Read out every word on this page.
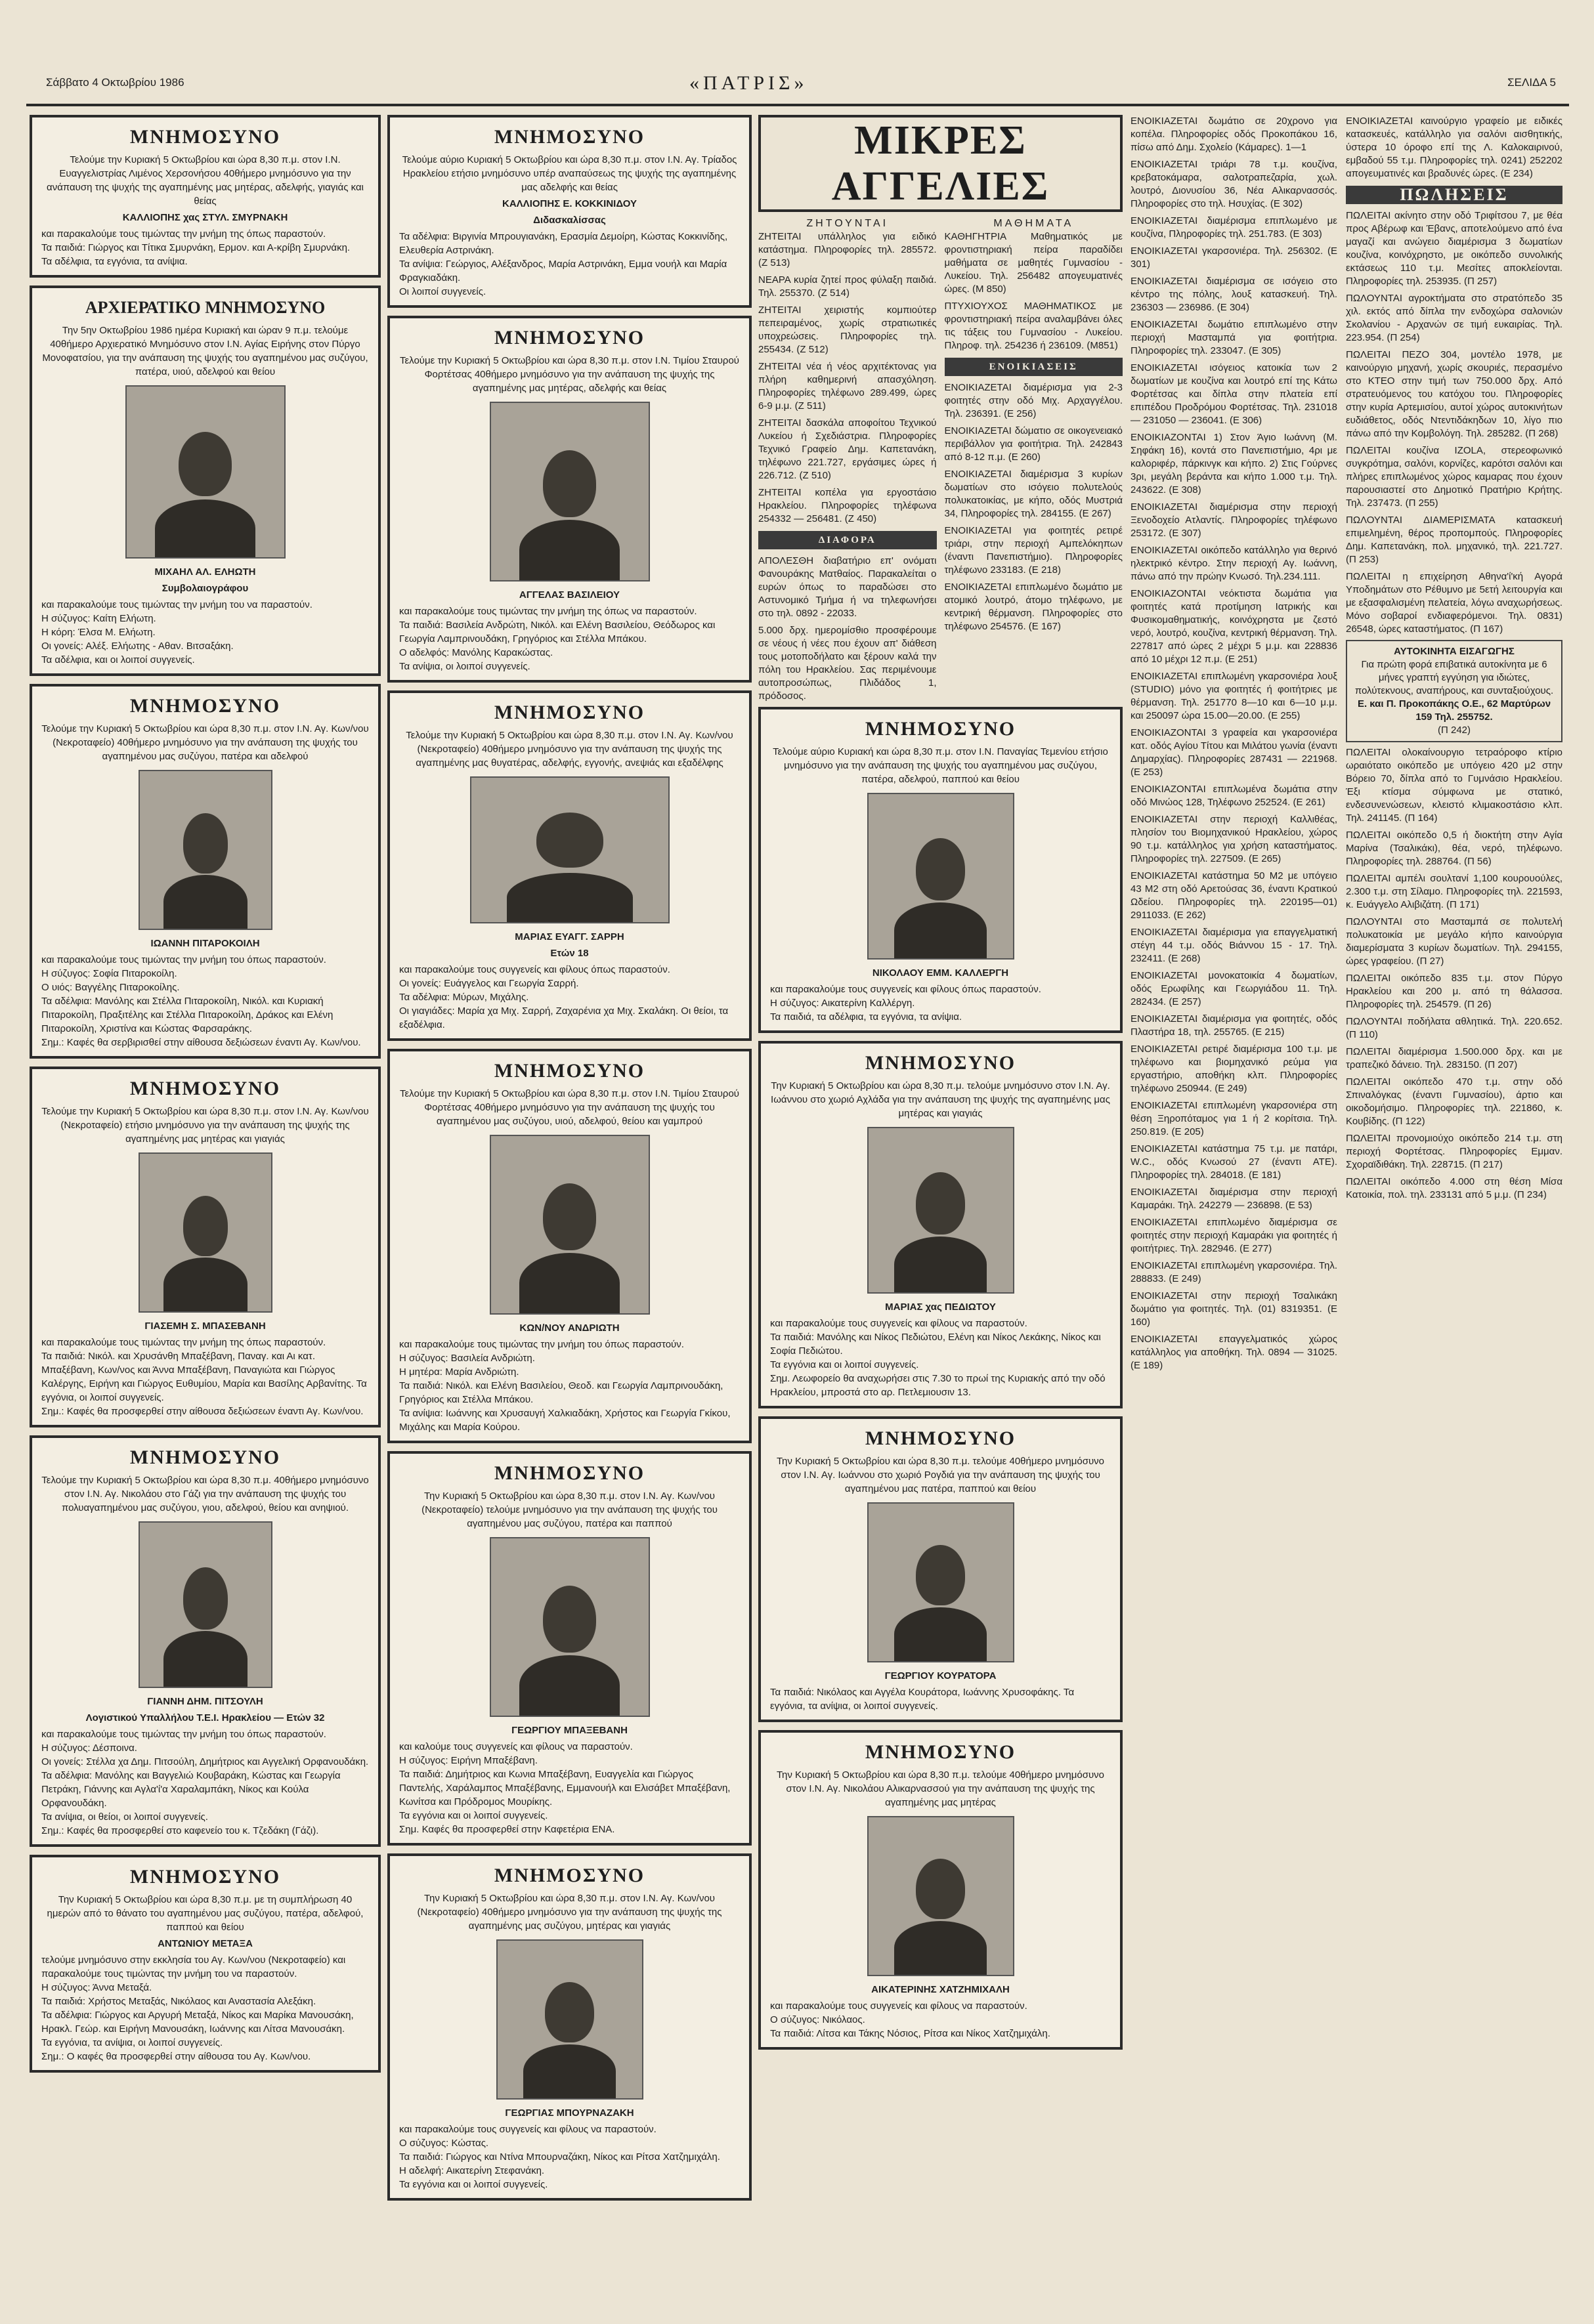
Σάββατο 4 Οκτωβρίου 1986	«ΠΑΤΡΙΣ»	ΣΕΛΙΔΑ 5
ΜΝΗΜΟΣΥΝΟ

Τελούμε την Κυριακή 5 Οκτωβρίου και ώρα 8,30 π.μ. στον Ι.Ν. Ευαγγελιστρίας Λιμένος Χερσονήσου 40θήμερο μνημόσυνο για την ανάπαυση της ψυχής της αγαπημένης μας μητέρας, αδελφής, γιαγιάς και θείας

ΚΑΛΛΙΟΠΗΣ χας ΣΤΥΛ. ΣΜΥΡΝΑΚΗ

και παρακαλούμε τους τιμώντας την μνήμη της όπως παραστούν.

Τα παιδιά: Γιώργος και Τίτικα Σμυρνάκη, Ερμον. και Α-κρίβη Σμυρνάκη.

Τα αδέλφια, τα εγγόνια, τα ανίψια.

ΑΡΧΙΕΡΑΤΙΚΟ ΜΝΗΜΟΣΥΝΟ

Την 5ην Οκτωβρίου 1986 ημέρα Κυριακή και ώραν 9 π.μ. τελούμε 40θήμερο Αρχιερατικό Μνημόσυνο στον Ι.Ν. Αγίας Ειρήνης στον Πύργο Μονοφατσίου, για την ανάπαυση της ψυχής του αγαπημένου μας συζύγου, πατέρα, υιού, αδελφού και θείου

ΜΙΧΑΗΛ ΑΛ. ΕΛΗΩΤΗ
Συμβολαιογράφου

και παρακαλούμε τους τιμώντας την μνήμη του να παραστούν.

Η σύζυγος: Καίτη Ελήωτη.

Η κόρη: Έλσα Μ. Ελήωτη.

Οι γονείς: Αλέξ. Ελήωτης - Αθαν. Βιτσαξάκη.

Τα αδέλφια, και οι λοιποί συγγενείς.

ΜΝΗΜΟΣΥΝΟ

Τελούμε την Κυριακή 5 Οκτωβρίου και ώρα 8,30 π.μ. στον Ι.Ν. Αγ. Κων/νου (Νεκροταφείο) 40θήμερο μνημόσυνο για την ανάπαυση της ψυχής του αγαπημένου μας συζύγου, πατέρα και αδελφού

ΙΩΑΝΝΗ ΠΙΤΑΡΟΚΟΙΛΗ

και παρακαλούμε τους τιμώντας την μνήμη του όπως παραστούν.

Η σύζυγος: Σοφία Πιταροκοίλη.

Ο υιός: Βαγγέλης Πιταροκοίλης.

Τα αδέλφια: Μανόλης και Στέλλα Πιταροκοίλη, Νικόλ. και Κυριακή Πιταροκοίλη, Πραξιτέλης και Στέλλα Πιταροκοίλη, Δράκος και Ελένη Πιταροκοίλη, Χριστίνα και Κώστας Φαρσαράκης.

Σημ.: Καφές θα σερβιρισθεί στην αίθουσα δεξιώσεων έναντι Αγ. Κων/νου.

ΜΝΗΜΟΣΥΝΟ

Τελούμε την Κυριακή 5 Οκτωβρίου και ώρα 8,30 π.μ. στον Ι.Ν. Αγ. Κων/νου (Νεκροταφείο) ετήσιο μνημόσυνο για την ανάπαυση της ψυχής της αγαπημένης μας μητέρας και γιαγιάς

ΓΙΑΣΕΜΗ Σ. ΜΠΑΣΕΒΑΝΗ

και παρακαλούμε τους τιμώντας την μνήμη της όπως παραστούν.

Τα παιδιά: Νικόλ. και Χρυσάνθη Μπαξέβανη, Παναγ. και Αι κατ. Μπαξέβανη, Κων/νος και Άννα Μπαξέβανη, Παναγιώτα και Γιώργος Καλέργης, Ειρήνη και Γιώργος Ευθυμίου, Μαρία και Βασίλης Αρβανίτης. Τα εγγόνια, οι λοιποί συγγενείς.

Σημ.: Καφές θα προσφερθεί στην αίθουσα δεξιώσεων έναντι Αγ. Κων/νου.

ΜΝΗΜΟΣΥΝΟ

Τελούμε την Κυριακή 5 Οκτωβρίου και ώρα 8,30 π.μ. 40θήμερο μνημόσυνο στον Ι.Ν. Αγ. Νικολάου στο Γάζι για την ανάπαυση της ψυχής του πολυαγαπημένου μας συζύγου, γιου, αδελφού, θείου και ανηψιού.

ΓΙΑΝΝΗ ΔΗΜ. ΠΙΤΣΟΥΛΗ
Λογιστικού Υπαλλήλου Τ.Ε.Ι. Ηρακλείου — Ετών 32

και παρακαλούμε τους τιμώντας την μνήμη του όπως παραστούν.

Η σύζυγος: Δέσποινα.

Οι γονείς: Στέλλα χα Δημ. Πιτσούλη, Δημήτριος και Αγγελική Ορφανουδάκη.

Τα αδέλφια: Μανόλης και Βαγγελιώ Κουβαράκη, Κώστας και Γεωργία Πετράκη, Γιάννης και Αγλα'ί'α Χαραλαμπάκη, Νίκος και Κούλα Ορφανουδάκη.

Τα ανίψια, οι θείοι, οι λοιποί συγγενείς.

Σημ.: Καφές θα προσφερθεί στο καφενείο του κ. Τζεδάκη (Γάζι).

ΜΝΗΜΟΣΥΝΟ

Την Κυριακή 5 Οκτωβρίου και ώρα 8,30 π.μ. με τη συμπλήρωση 40 ημερών από το θάνατο του αγαπημένου μας συζύγου, πατέρα, αδελφού, παππού και θείου

ΑΝΤΩΝΙΟΥ ΜΕΤΑΞΑ

τελούμε μνημόσυνο στην εκκλησία του Αγ. Κων/νου (Νεκροταφείο) και παρακαλούμε τους τιμώντας την μνήμη του να παραστούν.

Η σύζυγος: Άννα Μεταξά.

Τα παιδιά: Χρήστος Μεταξάς, Νικόλαος και Αναστασία Αλεξάκη.

Τα αδέλφια: Γιώργος και Αργυρή Μεταξά, Νίκος και Μαρίκα Μανουσάκη, Ηρακλ. Γεώρ. και Ειρήνη Μανουσάκη, Ιωάννης και Λίτσα Μανουσάκη.

Τα εγγόνια, τα ανίψια, οι λοιποί συγγενείς.

Σημ.: Ο καφές θα προσφερθεί στην αίθουσα του Αγ. Κων/νου.

ΜΝΗΜΟΣΥΝΟ

Τελούμε αύριο Κυριακή 5 Οκτωβρίου και ώρα 8,30 π.μ. στον Ι.Ν. Αγ. Τρίαδος Ηρακλείου ετήσιο μνημόσυνο υπέρ αναπαύσεως της ψυχής της αγαπημένης μας αδελφής και θείας

ΚΑΛΛΙΟΠΗΣ Ε. ΚΟΚΚΙΝΙΔΟΥ
Διδασκαλίσσας

Τα αδέλφια: Βιργινία Μπρουγιανάκη, Ερασμία Δεμοίρη, Κώστας Κοκκινίδης, Ελευθερία Αστρινάκη.

Τα ανίψια: Γεώργιος, Αλέξανδρος, Μαρία Αστρινάκη, Εμμα νουήλ και Μαρία Φραγκιαδάκη.

Οι λοιποί συγγενείς.

ΜΝΗΜΟΣΥΝΟ

Τελούμε την Κυριακή 5 Οκτωβρίου και ώρα 8,30 π.μ. στον Ι.Ν. Τιμίου Σταυρού Φορτέτσας 40θήμερο μνημόσυνο για την ανάπαυση της ψυχής της αγαπημένης μας μητέρας, αδελφής και θείας

ΑΓΓΕΛΑΣ ΒΑΣΙΛΕΙΟΥ

και παρακαλούμε τους τιμώντας την μνήμη της όπως να παραστούν.

Τα παιδιά: Βασιλεία Ανδρώτη, Νικόλ. και Ελένη Βασιλείου, Θεόδωρος και Γεωργία Λαμπρινουδάκη, Γρηγόριος και Στέλλα Μπάκου.

Ο αδελφός: Μανόλης Καρακώστας.

Τα ανίψια, οι λοιποί συγγενείς.

ΜΝΗΜΟΣΥΝΟ

Τελούμε την Κυριακή 5 Οκτωβρίου και ώρα 8,30 π.μ. στον Ι.Ν. Αγ. Κων/νου (Νεκροταφείο) 40θήμερο μνημόσυνο για την ανάπαυση της ψυχής της αγαπημένης μας θυγατέρας, αδελφής, εγγονής, ανεψιάς και εξαδέλφης

ΜΑΡΙΑΣ ΕΥΑΓΓ. ΣΑΡΡΗ
Ετών 18

και παρακαλούμε τους συγγενείς και φίλους όπως παραστούν.

Οι γονείς: Ευάγγελος και Γεωργία Σαρρή.

Τα αδέλφια: Μύρων, Μιχάλης.

Οι γιαγιάδες: Μαρία χα Μιχ. Σαρρή, Ζαχαρένια χα Μιχ. Σκαλάκη. Οι θείοι, τα εξαδέλφια.

ΜΝΗΜΟΣΥΝΟ

Τελούμε την Κυριακή 5 Οκτωβρίου και ώρα 8,30 π.μ. στον Ι.Ν. Τιμίου Σταυρού Φορτέτσας 40θήμερο μνημόσυνο για την ανάπαυση της ψυχής του αγαπημένου μας συζύγου, υιού, αδελφού, θείου και γαμπρού

ΚΩΝ/ΝΟΥ ΑΝΔΡΙΩΤΗ

και παρακαλούμε τους τιμώντας την μνήμη του όπως παραστούν.

Η σύζυγος: Βασιλεία Ανδριώτη.

Η μητέρα: Μαρία Ανδριώτη.

Τα παιδιά: Νικόλ. και Ελένη Βασιλείου, Θεοδ. και Γεωργία Λαμπρινουδάκη, Γρηγόριος και Στέλλα Μπάκου.

Τα ανίψια: Ιωάννης και Χρυσαυγή Χαλκιαδάκη, Χρήστος και Γεωργία Γκίκου, Μιχάλης και Μαρία Κούρου.

ΜΝΗΜΟΣΥΝΟ

Την Κυριακή 5 Οκτωβρίου και ώρα 8,30 π.μ. στον Ι.Ν. Αγ. Κων/νου (Νεκροταφείο) τελούμε μνημόσυνο για την ανάπαυση της ψυχής του αγαπημένου μας συζύγου, πατέρα και παππού

ΓΕΩΡΓΙΟΥ ΜΠΑΞΕΒΑΝΗ

και καλούμε τους συγγενείς και φίλους να παραστούν.

Η σύζυγος: Ειρήνη Μπαξέβανη.

Τα παιδιά: Δημήτριος και Κωνια Μπαξέβανη, Ευαγγελία και Γιώργος Παντελής, Χαράλαμπος Μπαξέβανης, Εμμανουήλ και Ελισάβετ Μπαξέβανη, Κωνίτσα και Πρόδρομος Μουρίκης.

Τα εγγόνια και οι λοιποί συγγενείς.

Σημ. Καφές θα προσφερθεί στην Καφετέρια ΕΝΑ.

ΜΝΗΜΟΣΥΝΟ

Την Κυριακή 5 Οκτωβρίου και ώρα 8,30 π.μ. στον Ι.Ν. Αγ. Κων/νου (Νεκροταφείο) 40θήμερο μνημόσυνο για την ανάπαυση της ψυχής της αγαπημένης μας συζύγου, μητέρας και γιαγιάς

ΓΕΩΡΓΙΑΣ ΜΠΟΥΡΝΑΖΑΚΗ

και παρακαλούμε τους συγγενείς και φίλους να παραστούν.

Ο σύζυγος: Κώστας.

Τα παιδιά: Γιώργος και Ντίνα Μπουρναζάκη, Νίκος και Ρίτσα Χατζημιχάλη.

Η αδελφή: Αικατερίνη Στεφανάκη.

Τα εγγόνια και οι λοιποί συγγενείς.

ΜΙΚΡΕΣ ΑΓΓΕΛΙΕΣ
ΖΗΤΟΥΝΤΑΙ

ΖΗΤΕΙΤΑΙ υπάλληλος για ειδικό κατάστημα. Πληροφορίες τηλ. 285572. (Ζ 513)

ΝΕΑΡΑ κυρία ζητεί προς φύλαξη παιδιά. Τηλ. 255370. (Ζ 514)

ΖΗΤΕΙΤΑΙ χειριστής κομπιούτερ πεπειραμένος, χωρίς στρατιωτικές υποχρεώσεις. Πληροφορίες τηλ. 255434. (Ζ 512)

ΖΗΤΕΙΤΑΙ νέα ή νέος αρχιτέκτονας για πλήρη καθημερινή απασχόληση. Πληροφορίες τηλέφωνο 289.499, ώρες 6-9 μ.μ. (Ζ 511)

ΖΗΤΕΙΤΑΙ δασκάλα αποφοίτου Τεχνικού Λυκείου ή Σχεδιάστρια. Πληροφορίες Τεχνικό Γραφείο Δημ. Καπετανάκη, τηλέφωνο 221.727, εργάσιμες ώρες ή 226.712. (Ζ 510)

ΖΗΤΕΙΤΑΙ κοπέλα για εργοστάσιο Ηρακλείου. Πληροφορίες τηλέφωνα 254332 — 256481. (Ζ 450)

ΔΙΑΦΟΡΑ

ΑΠΟΛΕΣΘΗ διαβατήριο επ' ονόματι Φανουράκης Ματθαίος. Παρακαλείται ο ευρών όπως το παραδώσει στο Αστυνομικό Τμήμα ή να τηλεφωνήσει στο τηλ. 0892 - 22033.

5.000 δρχ. ημερομίσθιο προσφέρουμε σε νέους ή νέες που έχουν απ' διάθεση τους μοτοποδήλατο και ξέρουν καλά την πόλη του Ηρακλείου. Σας περιμένουμε αυτοπροσώπως, Πλιδάδος 1, πρόδοσος.

ΜΑΘΗΜΑΤΑ

ΚΑΘΗΓΗΤΡΙΑ Μαθηματικός με φροντιστηριακή πείρα παραδίδει μαθήματα σε μαθητές Γυμνασίου - Λυκείου. Τηλ. 256482 απογευματινές ώρες. (Μ 850)

ΠΤΥΧΙΟΥΧΟΣ ΜΑΘΗΜΑΤΙΚΟΣ με φροντιστηριακή πείρα αναλαμβάνει όλες τις τάξεις του Γυμνασίου - Λυκείου. Πληροφ. τηλ. 254236 ή 236109. (Μ851)

ΕΝΟΙΚΙΑΣΕΙΣ

ΕΝΟΙΚΙΑΖΕΤΑΙ διαμέρισμα για 2-3 φοιτητές στην οδό Μιχ. Αρχαγγέλου. Τηλ. 236391. (Ε 256)

ΕΝΟΙΚΙΑΖΕΤΑΙ δώματιο σε οικογενειακό περιβάλλον για φοιτήτρια. Τηλ. 242843 από 8-12 π.μ. (Ε 260)

ΕΝΟΙΚΙΑΖΕΤΑΙ διαμέρισμα 3 κυρίων δωματίων στο ισόγειο πολυτελούς πολυκατοικίας, με κήπο, οδός Μυστριά 34, Πληροφορίες τηλ. 284155. (Ε 267)

ΕΝΟΙΚΙΑΖΕΤΑΙ για φοιτητές ρετιρέ τριάρι, στην περιοχή Αμπελόκηπων (έναντι Πανεπιστήμιο). Πληροφορίες τηλέφωνο 233183. (Ε 218)

ΕΝΟΙΚΙΑΖΕΤΑΙ επιπλωμένο δωμάτιο με ατομικό λουτρό, άτομο τηλέφωνο, με κεντρική θέρμανση. Πληροφορίες στο τηλέφωνο 254576. (Ε 167)

ΜΝΗΜΟΣΥΝΟ

Τελούμε αύριο Κυριακή και ώρα 8,30 π.μ. στον Ι.Ν. Παναγίας Τεμενίου ετήσιο μνημόσυνο για την ανάπαυση της ψυχής του αγαπημένου μας συζύγου, πατέρα, αδελφού, παππού και θείου

ΝΙΚΟΛΑΟΥ ΕΜΜ. ΚΑΛΛΕΡΓΗ

και παρακαλούμε τους συγγενείς και φίλους όπως παραστούν.

Η σύζυγος: Αικατερίνη Καλλέργη.

Τα παιδιά, τα αδέλφια, τα εγγόνια, τα ανίψια.

ΜΝΗΜΟΣΥΝΟ

Την Κυριακή 5 Οκτωβρίου και ώρα 8,30 π.μ. τελούμε μνημόσυνο στον Ι.Ν. Αγ. Ιωάννου στο χωριό Αχλάδα για την ανάπαυση της ψυχής της αγαπημένης μας μητέρας και γιαγιάς

ΜΑΡΙΑΣ χας ΠΕΔΙΩΤΟΥ

και παρακαλούμε τους συγγενείς και φίλους να παραστούν.

Τα παιδιά: Μανόλης και Νίκος Πεδιώτου, Ελένη και Νίκος Λεκάκης, Νίκος και Σοφία Πεδιώτου.

Τα εγγόνια και οι λοιποί συγγενείς.

Σημ. Λεωφορείο θα αναχωρήσει στις 7.30 το πρωί της Κυριακής από την οδό Ηρακλείου, μπροστά στο αρ. Πετλεμιουσιν 13.

ΜΝΗΜΟΣΥΝΟ

Την Κυριακή 5 Οκτωβρίου και ώρα 8,30 π.μ. τελούμε 40θήμερο μνημόσυνο στον Ι.Ν. Αγ. Ιωάννου στο χωριό Ρογδιά για την ανάπαυση της ψυχής του αγαπημένου μας πατέρα, παππού και θείου

ΓΕΩΡΓΙΟΥ ΚΟΥΡΑΤΟΡΑ

Τα παιδιά: Νικόλαος και Αγγέλα Κουράτορα, Ιωάννης Χρυσοφάκης. Τα εγγόνια, τα ανίψια, οι λοιποί συγγενείς.

ΜΝΗΜΟΣΥΝΟ

Την Κυριακή 5 Οκτωβρίου και ώρα 8,30 π.μ. τελούμε 40θήμερο μνημόσυνο στον Ι.Ν. Αγ. Νικολάου Αλικαρνασσού για την ανάπαυση της ψυχής της αγαπημένης μας μητέρας

ΑΙΚΑΤΕΡΙΝΗΣ ΧΑΤΖΗΜΙΧΑΛΗ

και παρακαλούμε τους συγγενείς και φίλους να παραστούν.

Ο σύζυγος: Νικόλαος.

Τα παιδιά: Λίτσα και Τάκης Νόσιος, Ρίτσα και Νίκος Χατζημιχάλη.

ΕΝΟΙΚΙΑΖΕΤΑΙ δωμάτιο σε 20χρονο για κοπέλα. Πληροφορίες οδός Προκοπάκου 16, πίσω από Δημ. Σχολείο (Κάμαρες). 1—1

ΕΝΟΙΚΙΑΖΕΤΑΙ τριάρι 78 τ.μ. κουζίνα, κρεβατοκάμαρα, σαλοτραπεζαρία, χωλ. λουτρό, Διονυσίου 36, Νέα Αλικαρνασσός. Πληροφορίες στο τηλ. Ησυχίας. (Ε 302)

ΕΝΟΙΚΙΑΖΕΤΑΙ διαμέρισμα επιπλωμένο με κουζίνα, Πληροφορίες τηλ. 251.783. (Ε 303)

ΕΝΟΙΚΙΑΖΕΤΑΙ γκαρσονιέρα. Τηλ. 256302. (Ε 301)

ΕΝΟΙΚΙΑΖΕΤΑΙ διαμέρισμα σε ισόγειο στο κέντρο της πόλης, λουξ κατασκευή. Τηλ. 236303 — 236986. (Ε 304)

ΕΝΟΙΚΙΑΖΕΤΑΙ δωμάτιο επιπλωμένο στην περιοχή Μασταμπά για φοιτήτρια. Πληροφορίες τηλ. 233047. (Ε 305)

ΕΝΟΙΚΙΑΖΕΤΑΙ ισόγειος κατοικία των 2 δωματίων με κουζίνα και λουτρό επί της Κάτω Φορτέτσας και δίπλα στην πλατεία επί επιπέδου Προδρόμου Φορτέτσας. Τηλ. 231018 — 231050 — 236041. (Ε 306)

ΕΝΟΙΚΙΑΖΟΝΤΑΙ 1) Στον Άγιο Ιωάννη (Μ. Σηφάκη 16), κοντά στο Πανεπιστήμιο, 4ρι με καλοριφέρ, πάρκινγκ και κήπο. 2) Στις Γούρνες 3ρι, μεγάλη βεράντα και κήπο 1.000 τ.μ. Τηλ. 243622. (Ε 308)

ΕΝΟΙΚΙΑΖΕΤΑΙ διαμέρισμα στην περιοχή Ξενοδοχείο Ατλαντίς. Πληροφορίες τηλέφωνο 253172. (Ε 307)

ΕΝΟΙΚΙΑΖΕΤΑΙ οικόπεδο κατάλληλο για θερινό ηλεκτρικό κέντρο. Στην περιοχή Αγ. Ιωάννη, πάνω από την πρώην Κνωσό. Τηλ.234.111.

ΕΝΟΙΚΙΑΖΟΝΤΑΙ νεόκτιστα δωμάτια για φοιτητές κατά προτίμηση Ιατρικής και Φυσικομαθηματικής, κοινόχρηστα με ζεστό νερό, λουτρό, κουζίνα, κεντρική θέρμανση. Τηλ. 227817 από ώρες 2 μέχρι 5 μ.μ. και 228836 από 10 μέχρι 12 π.μ. (Ε 251)

ΕΝΟΙΚΙΑΖΕΤΑΙ επιπλωμένη γκαρσονιέρα λουξ (STUDIO) μόνο για φοιτητές ή φοιτήτριες με θέρμανση. Τηλ. 251770 8—10 και 6—10 μ.μ. και 250097 ώρα 15.00—20.00. (Ε 255)

ΕΝΟΙΚΙΑΖΟΝΤΑΙ 3 γραφεία και γκαρσονιέρα κατ. οδός Αγίου Τίτου και Μιλάτου γωνία (έναντι Δημαρχίας). Πληροφορίες 287431 — 221968. (Ε 253)

ΕΝΟΙΚΙΑΖΟΝΤΑΙ επιπλωμένα δωμάτια στην οδό Μινώος 128, Τηλέφωνο 252524. (Ε 261)

ΕΝΟΙΚΙΑΖΕΤΑΙ στην περιοχή Καλλιθέας, πλησίον του Βιομηχανικού Ηρακλείου, χώρος 90 τ.μ. κατάλληλος για χρήση καταστήματος. Πληροφορίες τηλ. 227509. (Ε 265)

ΕΝΟΙΚΙΑΖΕΤΑΙ κατάστημα 50 Μ2 με υπόγειο 43 Μ2 στη οδό Αρετούσας 36, έναντι Κρατικού Ωδείου. Πληροφορίες τηλ. 220195—01) 2911033. (Ε 262)

ΕΝΟΙΚΙΑΖΕΤΑΙ διαμέρισμα για επαγγελματική στέγη 44 τ.μ. οδός Βιάννου 15 - 17. Τηλ. 232411. (Ε 268)

ΕΝΟΙΚΙΑΖΕΤΑΙ μονοκατοικία 4 δωματίων, οδός Ερωφίλης και Γεωργιάδου 11. Τηλ. 282434. (Ε 257)

ΕΝΟΙΚΙΑΖΕΤΑΙ διαμέρισμα για φοιτητές, οδός Πλαστήρα 18, τηλ. 255765. (Ε 215)

ΕΝΟΙΚΙΑΖΕΤΑΙ ρετιρέ διαμέρισμα 100 τ.μ. με τηλέφωνο και βιομηχανικό ρεύμα για εργαστήριο, αποθήκη κλπ. Πληροφορίες τηλέφωνο 250944. (Ε 249)

ΕΝΟΙΚΙΑΖΕΤΑΙ επιπλωμένη γκαρσονιέρα στη θέση Ξηροπόταμος για 1 ή 2 κορίτσια. Τηλ. 250.819. (Ε 205)

ΕΝΟΙΚΙΑΖΕΤΑΙ κατάστημα 75 τ.μ. με πατάρι, W.C., οδός Κνωσού 27 (έναντι ΑΤΕ). Πληροφορίες τηλ. 284018. (Ε 181)

ΕΝΟΙΚΙΑΖΕΤΑΙ διαμέρισμα στην περιοχή Καμαράκι. Τηλ. 242279 — 236898. (Ε 53)

ΕΝΟΙΚΙΑΖΕΤΑΙ επιπλωμένο διαμέρισμα σε φοιτητές στην περιοχή Καμαράκι για φοιτητές ή φοιτήτριες. Τηλ. 282946. (Ε 277)

ΕΝΟΙΚΙΑΖΕΤΑΙ επιπλωμένη γκαρσονιέρα. Τηλ. 288833. (Ε 249)

ΕΝΟΙΚΙΑΖΕΤΑΙ στην περιοχή Τσαλικάκη δωμάτιο για φοιτητές. Τηλ. (01) 8319351. (Ε 160)

ΕΝΟΙΚΙΑΖΕΤΑΙ επαγγελματικός χώρος κατάλληλος για αποθήκη. Τηλ. 0894 — 31025. (Ε 189)

ΕΝΟΙΚΙΑΖΕΤΑΙ καινούργιο γραφείο με ειδικές κατασκευές, κατάλληλο για σαλόνι αισθητικής, ύστερα 10 όροφο επί της Λ. Καλοκαιρινού, εμβαδού 55 τ.μ. Πληροφορίες τηλ. 0241) 252202 απογευματινές και βραδυνές ώρες. (Ε 234)

ΠΩΛΗΣΕΙΣ

ΠΩΛΕΙΤΑΙ ακίνητο στην οδό Τριφίτσου 7, με θέα προς Αβέρωφ και Έβανς, αποτελούμενο από ένα μαγαζί και ανώγειο διαμέρισμα 3 δωματίων κουζίνα, κοινόχρηστο, με οικόπεδο συνολικής εκτάσεως 110 τ.μ. Μεσίτες αποκλείονται. Πληροφορίες τηλ. 253935. (Π 257)

ΠΩΛΟΥΝΤΑΙ αγροκτήματα στο στρατόπεδο 35 χιλ. εκτός από δίπλα την ενδοχώρα σαλονιών Σκολανίου - Αρχανών σε τιμή ευκαιρίας. Τηλ. 223.954. (Π 254)

ΠΩΛΕΙΤΑΙ ΠΕΖΟ 304, μοντέλο 1978, με καινούργιο μηχανή, χωρίς σκουριές, περασμένο στο ΚΤΕΟ στην τιμή των 750.000 δρχ. Από στρατευόμενος του κατόχου του. Πληροφορίες στην κυρία Αρτεμισίου, αυτοί χώρος αυτοκινήτων ευδιάθετος, οδός Ντεντιδάκηδων 10, λίγο πιο πάνω από την Κομβολόγη. Τηλ. 285282. (Π 268)

ΠΩΛΕΙΤΑΙ κουζίνα IZOLA, στερεοφωνικό συγκρότημα, σαλόνι, κορνίζες, καρότσι σαλόνι και πλήρες επιπλωμένος χώρος καμαρας που έχουν παρουσιαστεί στο Δημοτικό Πρατήριο Κρήτης. Τηλ. 237473. (Π 255)

ΠΩΛΟΥΝΤΑΙ ΔΙΑΜΕΡΙΣΜΑΤΑ κατασκευή επιμελημένη, θέρος προπομπούς. Πληροφορίες Δημ. Καπετανάκη, πολ. μηχανικό, τηλ. 221.727. (Π 253)

ΠΩΛΕΙΤΑΙ η επιχείρηση Αθηνα'ί'κή Αγορά Υποδημάτων στο Ρέθυμνο με 5ετή λειτουργία και με εξασφαλισμένη πελατεία, λόγω αναχωρήσεως. Μόνο σοβαροί ενδιαφερόμενοι. Τηλ. 0831) 26548, ώρες καταστήματος. (Π 167)

ΑΥΤΟΚΙΝΗΤΑ ΕΙΣΑΓΩΓΗΣ
Για πρώτη φορά επιβατικά αυτοκίνητα με 6 μήνες γραπτή εγγύηση για ιδιώτες, πολύτεκνους, αναπήρους, και συνταξιούχους.
Ε. και Π. Προκοπάκης Ο.Ε., 62 Μαρτύρων 159 Τηλ. 255752.
(Π 242)

ΠΩΛΕΙΤΑΙ ολοκαίνουργιο τετραόροφο κτίριο ωραιότατο οικόπεδο με υπόγειο 420 μ2 στην Βόρειο 70, δίπλα από το Γυμνάσιο Ηρακλείου. Έξι κτίσμα σύμφωνα με στατικό, ενδεσυνενώσεων, κλειστό κλιμακοστάσιο κλπ. Τηλ. 241145. (Π 164)

ΠΩΛΕΙΤΑΙ οικόπεδο 0,5 ή διοκτήτη στην Αγία Μαρίνα (Τσαλικάκι), θέα, νερό, τηλέφωνο. Πληροφορίες τηλ. 288764. (Π 56)

ΠΩΛΕΙΤΑΙ αμπέλι σουλτανί 1,100 κουρουούλες, 2.300 τ.μ. στη Σίλαμο. Πληροφορίες τηλ. 221593, κ. Ευάγγελο Αλιβιζάτη. (Π 171)

ΠΩΛΟΥΝΤΑΙ στο Μασταμπά σε πολυτελή πολυκατοικία με μεγάλο κήπο καινούργια διαμερίσματα 3 κυρίων δωματίων. Τηλ. 294155, ώρες γραφείου. (Π 27)

ΠΩΛΕΙΤΑΙ οικόπεδο 835 τ.μ. στον Πύργο Ηρακλείου και 200 μ. από τη θάλασσα. Πληροφορίες τηλ. 254579. (Π 26)

ΠΩΛΟΥΝΤΑΙ ποδήλατα αθλητικά. Τηλ. 220.652. (Π 110)

ΠΩΛΕΙΤΑΙ διαμέρισμα 1.500.000 δρχ. και με τραπεζικό δάνειο. Τηλ. 283150. (Π 207)

ΠΩΛΕΙΤΑΙ οικόπεδο 470 τ.μ. στην οδό Σπιναλόγκας (έναντι Γυμνασίου), άρτιο και οικοδομήσιμο. Πληροφορίες τηλ. 221860, κ. Κουβίδης. (Π 122)

ΠΩΛΕΙΤΑΙ προνομιούχο οικόπεδο 214 τ.μ. στη περιοχή Φορτέτσας. Πληροφορίες Εμμαν. Σχοραϊδιθάκη. Τηλ. 228715. (Π 217)

ΠΩΛΕΙΤΑΙ οικόπεδο 4.000 στη θέση Μίσα Κατοικία, πολ. τηλ. 233131 από 5 μ.μ. (Π 234)
